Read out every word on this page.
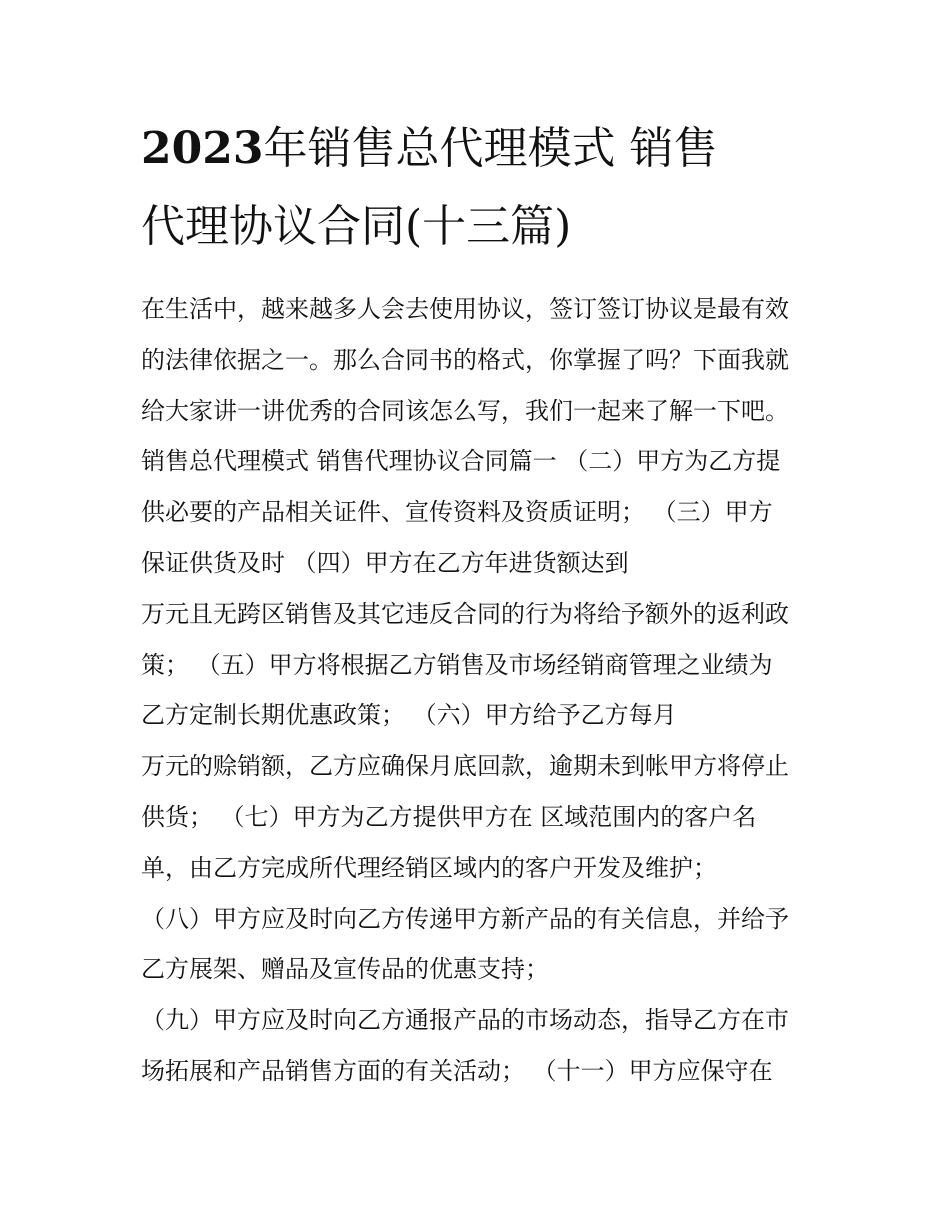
2023年销售总代理模式 销售
代理协议合同(十三篇)
在生活中，越来越多人会去使用协议，签订签订协议是最有效
的法律依据之一。那么合同书的格式，你掌握了吗？下面我就
给大家讲一讲优秀的合同该怎么写，我们一起来了解一下吧。
销售总代理模式 销售代理协议合同篇一 （二）甲方为乙方提
供必要的产品相关证件、宣传资料及资质证明； （三）甲方
保证供货及时 （四）甲方在乙方年进货额达到
万元且无跨区销售及其它违反合同的行为将给予额外的返利政
策； （五）甲方将根据乙方销售及市场经销商管理之业绩为
乙方定制长期优惠政策； （六）甲方给予乙方每月
万元的赊销额，乙方应确保月底回款，逾期未到帐甲方将停止
供货； （七）甲方为乙方提供甲方在 区域范围内的客户名
单，由乙方完成所代理经销区域内的客户开发及维护；
（八）甲方应及时向乙方传递甲方新产品的有关信息，并给予
乙方展架、赠品及宣传品的优惠支持；
（九）甲方应及时向乙方通报产品的市场动态，指导乙方在市
场拓展和产品销售方面的有关活动； （十一）甲方应保守在
